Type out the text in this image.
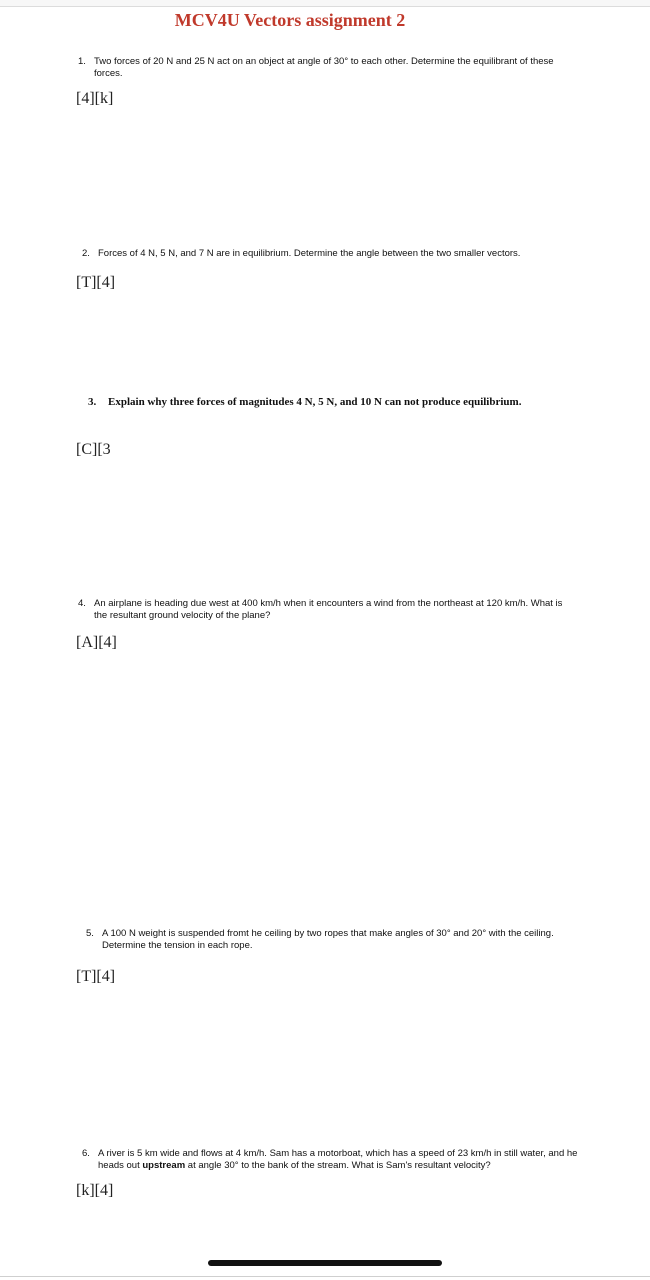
MCV4U Vectors assignment 2
1. Two forces of 20 N and 25 N act on an object at angle of 30° to each other. Determine the equilibrant of these forces.
[4][k]
2. Forces of 4 N, 5 N, and 7 N are in equilibrium. Determine the angle between the two smaller vectors.
[T][4]
3.	Explain why three forces of magnitudes 4 N, 5 N, and 10 N can not produce equilibrium.
[C][3
4. An airplane is heading due west at 400 km/h when it encounters a wind from the northeast at 120 km/h. What is the resultant ground velocity of the plane?
[A][4]
5. A 100 N weight is suspended fromt he ceiling by two ropes that make angles of 30° and 20° with the ceiling. Determine the tension in each rope.
[T][4]
6. A river is 5 km wide and flows at 4 km/h. Sam has a motorboat, which has a speed of 23 km/h in still water, and he heads out upstream at angle 30° to the bank of the stream. What is Sam's resultant velocity?
[k][4]
